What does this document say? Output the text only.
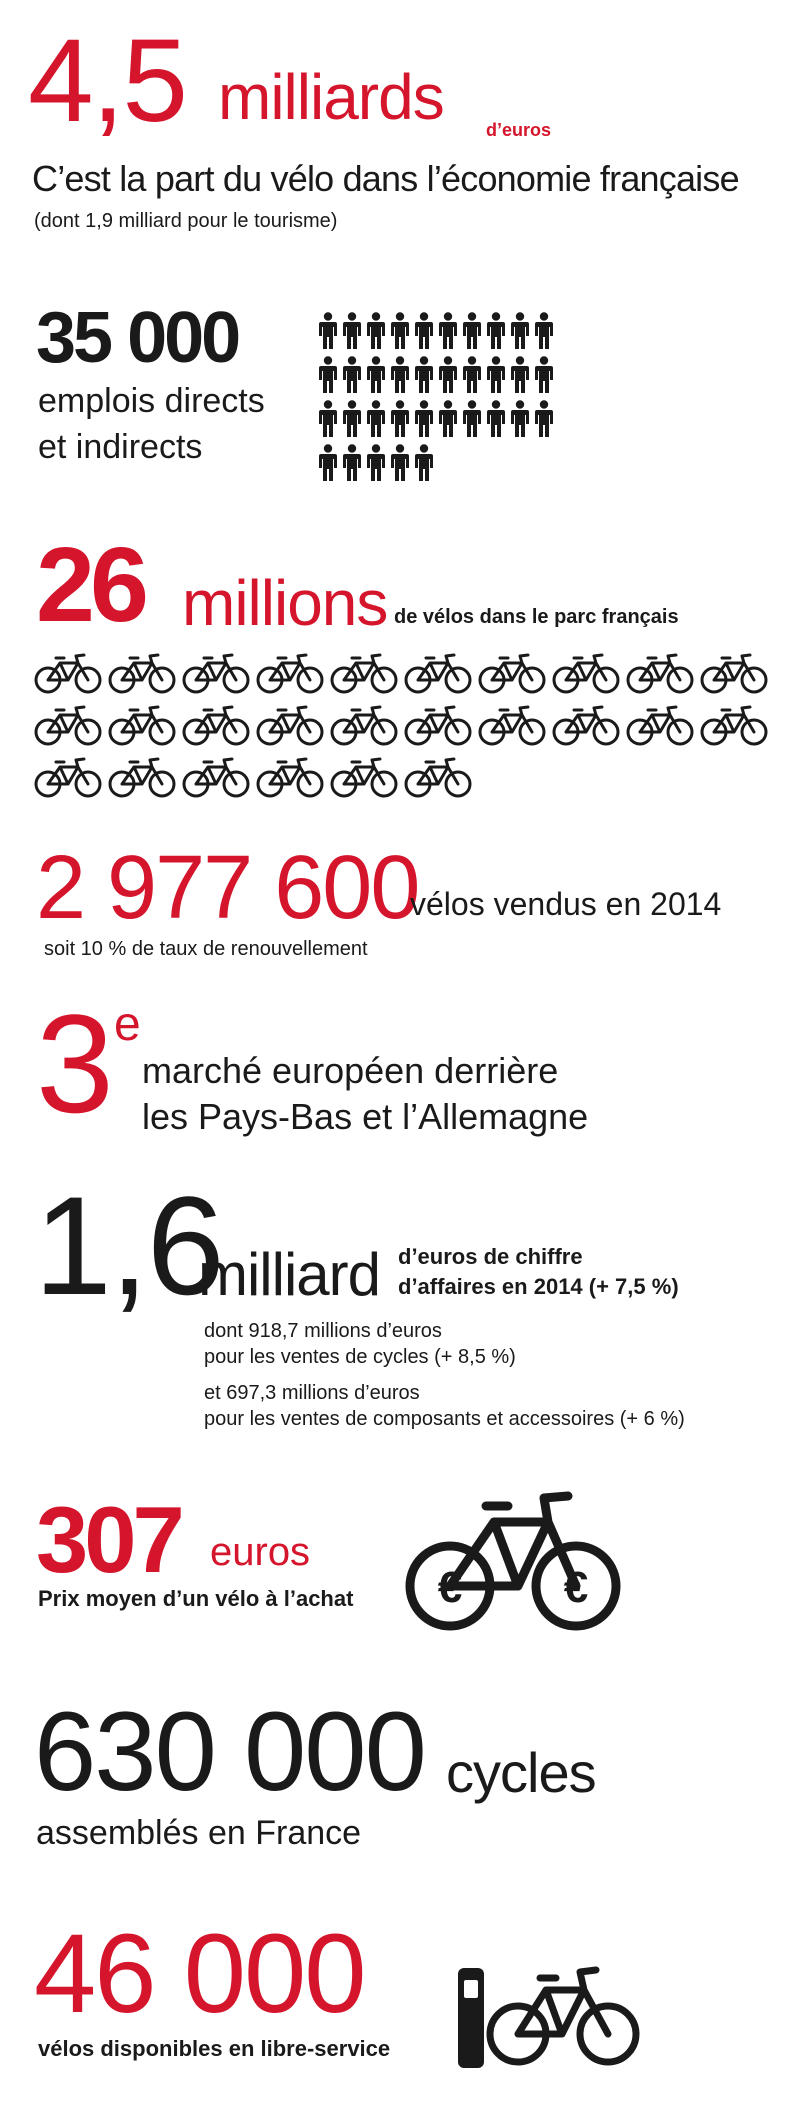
4,5 milliards d’euros
C’est la part du vélo dans l’économie française
(dont 1,9 milliard pour le tourisme)
35 000
emplois directs
et indirects
26 millions de vélos dans le parc français
2 977 600
vélos vendus en 2014
soit 10 % de taux de renouvellement
3 e
marché européen derrière
les Pays-Bas et l’Allemagne
1,6
milliard d’euros de chiffre
d’affaires en 2014 (+ 7,5 %)
dont 918,7 millions d’euros
pour les ventes de cycles (+ 8,5 %)
et 697,3 millions d’euros
pour les ventes de composants et accessoires (+ 6 %)
307 euros
Prix moyen d’un vélo à l’achat € €
630 000 cycles
assemblés en France
46 000
vélos disponibles en libre-service
